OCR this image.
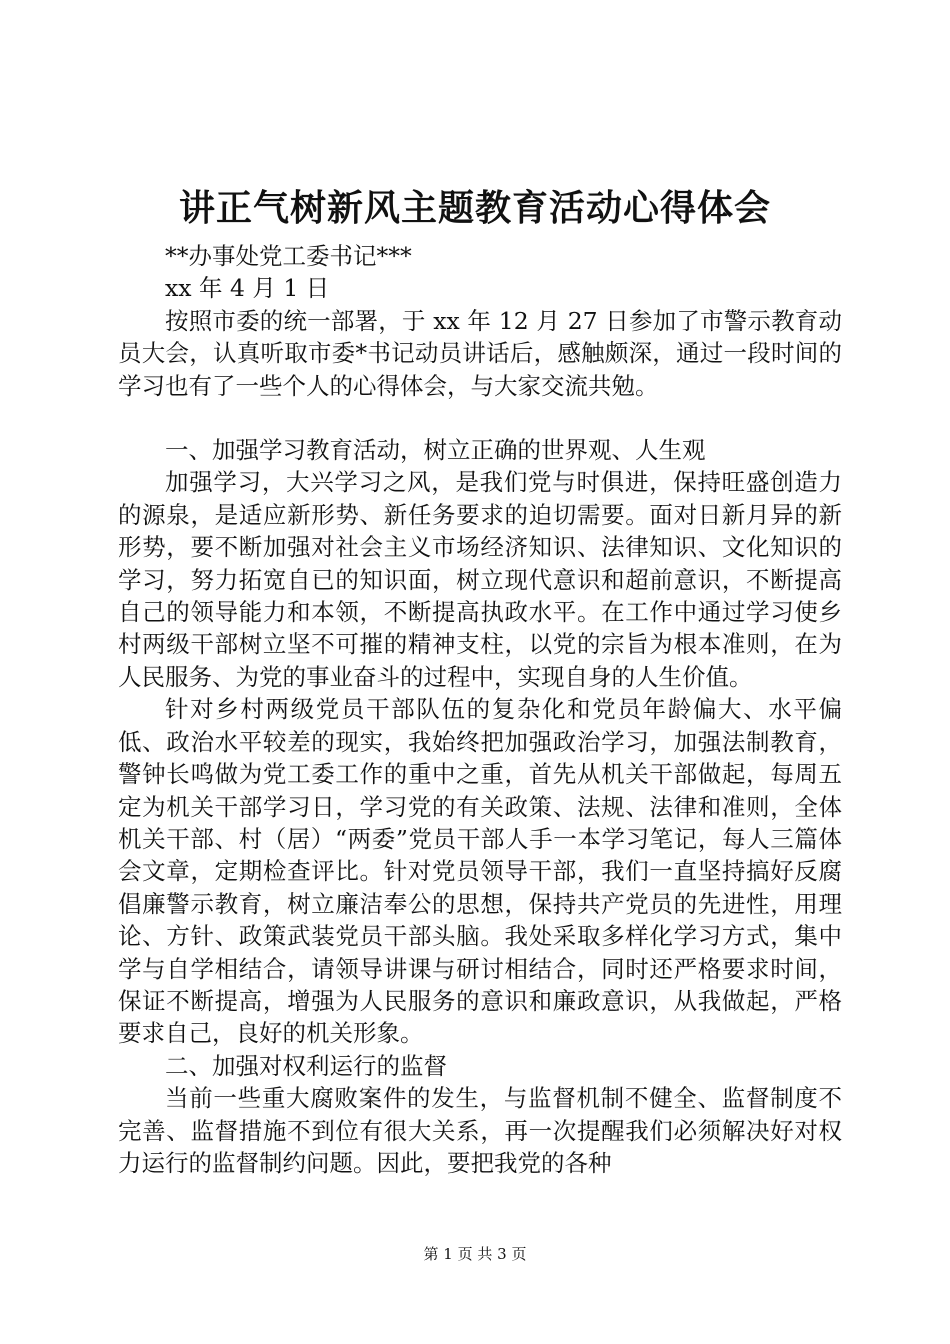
讲正气树新风主题教育活动心得体会

**办事处党工委书记***

xx 年 4 月 1 日

按照市委的统一部署，于 xx 年 12 月 27 日参加了市警示教育动员大会，认真听取市委*书记动员讲话后，感触颇深，通过一段时间的学习也有了一些个人的心得体会，与大家交流共勉。

一、加强学习教育活动，树立正确的世界观、人生观

加强学习，大兴学习之风，是我们党与时俱进，保持旺盛创造力的源泉，是适应新形势、新任务要求的迫切需要。面对日新月异的新形势，要不断加强对社会主义市场经济知识、法律知识、文化知识的学习，努力拓宽自已的知识面，树立现代意识和超前意识，不断提高自己的领导能力和本领，不断提高执政水平。在工作中通过学习使乡村两级干部树立坚不可摧的精神支柱，以党的宗旨为根本准则，在为人民服务、为党的事业奋斗的过程中，实现自身的人生价值。

针对乡村两级党员干部队伍的复杂化和党员年龄偏大、水平偏低、政治水平较差的现实，我始终把加强政治学习，加强法制教育，警钟长鸣做为党工委工作的重中之重，首先从机关干部做起，每周五定为机关干部学习日，学习党的有关政策、法规、法律和准则，全体机关干部、村（居）“两委”党员干部人手一本学习笔记，每人三篇体会文章，定期检查评比。针对党员领导干部，我们一直坚持搞好反腐倡廉警示教育，树立廉洁奉公的思想，保持共产党员的先进性，用理论、方针、政策武装党员干部头脑。我处采取多样化学习方式，集中学与自学相结合，请领导讲课与研讨相结合，同时还严格要求时间，保证不断提高，增强为人民服务的意识和廉政意识，从我做起，严格要求自己，良好的机关形象。

二、加强对权利运行的监督

当前一些重大腐败案件的发生，与监督机制不健全、监督制度不完善、监督措施不到位有很大关系，再一次提醒我们必须解决好对权力运行的监督制约问题。因此，要把我党的各种

第 1 页 共 3 页
